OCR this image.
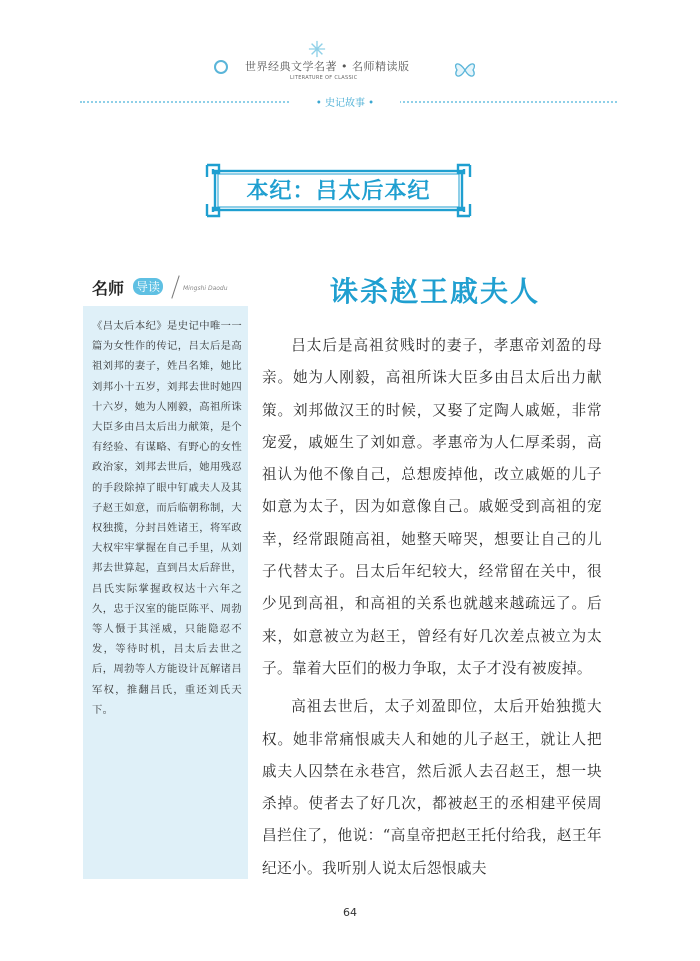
世界经典文学名著 • 名师精读版
LITERATURE OF CLASSIC
• 史记故事 •
本纪：吕太后本纪
名师 导读	Mingshi Daodu
《吕太后本纪》是史记中唯一一篇为女性作的传记，吕太后是高祖刘邦的妻子，姓吕名雉，她比刘邦小十五岁，刘邦去世时她四十六岁，她为人刚毅，高祖所诛大臣多由吕太后出力献策，是个有经验、有谋略、有野心的女性政治家，刘邦去世后，她用残忍的手段除掉了眼中钉戚夫人及其子赵王如意，而后临朝称制，大权独揽，分封吕姓诸王，将军政大权牢牢掌握在自己手里，从刘邦去世算起，直到吕太后辞世，吕氏实际掌握政权达十六年之久，忠于汉室的能臣陈平、周勃等人慑于其淫威，只能隐忍不发，等待时机，吕太后去世之后，周勃等人方能设计瓦解诸吕军权，推翻吕氏，重还刘氏天下。
诛杀赵王戚夫人

吕太后是高祖贫贱时的妻子，孝惠帝刘盈的母亲。她为人刚毅，高祖所诛大臣多由吕太后出力献策。刘邦做汉王的时候，又娶了定陶人戚姬，非常宠爱，戚姬生了刘如意。孝惠帝为人仁厚柔弱，高祖认为他不像自己，总想废掉他，改立戚姬的儿子如意为太子，因为如意像自己。戚姬受到高祖的宠幸，经常跟随高祖，她整天啼哭，想要让自己的儿子代替太子。吕太后年纪较大，经常留在关中，很少见到高祖，和高祖的关系也就越来越疏远了。后来，如意被立为赵王，曾经有好几次差点被立为太子。靠着大臣们的极力争取，太子才没有被废掉。

高祖去世后，太子刘盈即位，太后开始独揽大权。她非常痛恨戚夫人和她的儿子赵王，就让人把戚夫人囚禁在永巷宫，然后派人去召赵王，想一块杀掉。使者去了好几次，都被赵王的丞相建平侯周昌拦住了，他说：“高皇帝把赵王托付给我，赵王年纪还小。我听别人说太后怨恨戚夫

64
